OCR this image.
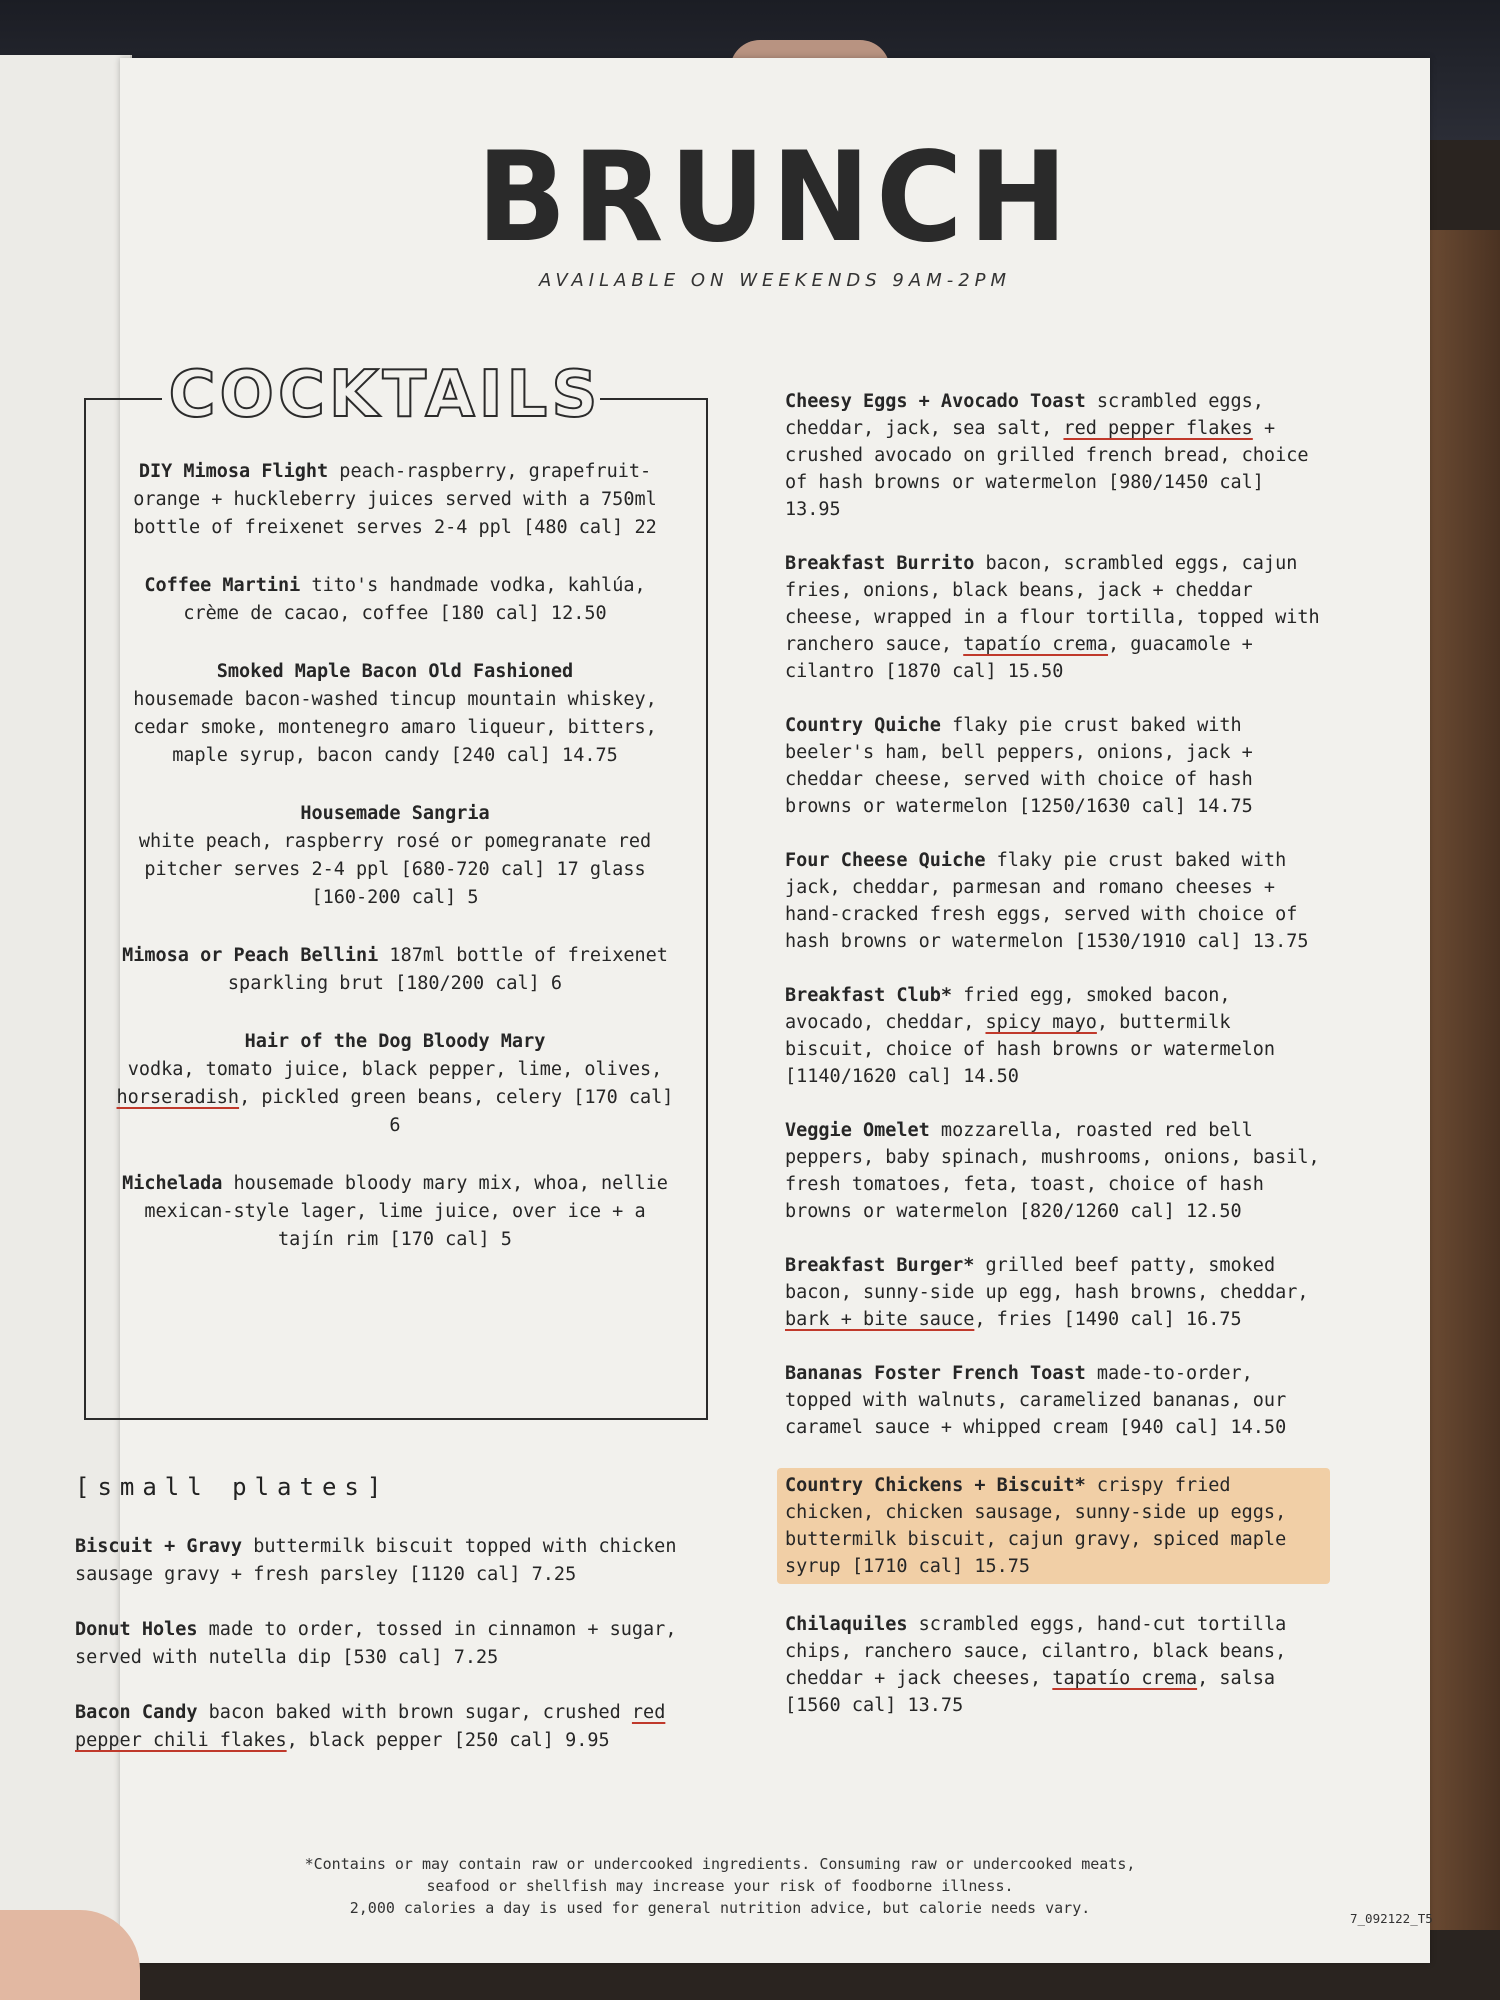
BRUNCH
AVAILABLE ON WEEKENDS 9AM-2PM
COCKTAILS
DIY Mimosa Flight peach-raspberry, grapefruit-orange + huckleberry juices served with a 750ml bottle of freixenet serves 2-4 ppl [480 cal] 22
Coffee Martini tito's handmade vodka, kahlúa, crème de cacao, coffee [180 cal] 12.50
Smoked Maple Bacon Old Fashioned
housemade bacon-washed tincup mountain whiskey, cedar smoke, montenegro amaro liqueur, bitters, maple syrup, bacon candy [240 cal] 14.75
Housemade Sangria
white peach, raspberry rosé or pomegranate red pitcher serves 2-4 ppl [680-720 cal] 17 glass [160-200 cal] 5
Mimosa or Peach Bellini 187ml bottle of freixenet sparkling brut [180/200 cal] 6
Hair of the Dog Bloody Mary
vodka, tomato juice, black pepper, lime, olives, horseradish, pickled green beans, celery [170 cal] 6
Michelada housemade bloody mary mix, whoa, nellie mexican-style lager, lime juice, over ice + a tajín rim [170 cal] 5
[small plates]
Biscuit + Gravy buttermilk biscuit topped with chicken sausage gravy + fresh parsley [1120 cal] 7.25
Donut Holes made to order, tossed in cinnamon + sugar, served with nutella dip [530 cal] 7.25
Bacon Candy bacon baked with brown sugar, crushed red pepper chili flakes, black pepper [250 cal] 9.95
Cheesy Eggs + Avocado Toast scrambled eggs, cheddar, jack, sea salt, red pepper flakes + crushed avocado on grilled french bread, choice of hash browns or watermelon [980/1450 cal] 13.95
Breakfast Burrito bacon, scrambled eggs, cajun fries, onions, black beans, jack + cheddar cheese, wrapped in a flour tortilla, topped with ranchero sauce, tapatío crema, guacamole + cilantro [1870 cal] 15.50
Country Quiche flaky pie crust baked with beeler's ham, bell peppers, onions, jack + cheddar cheese, served with choice of hash browns or watermelon [1250/1630 cal] 14.75
Four Cheese Quiche flaky pie crust baked with jack, cheddar, parmesan and romano cheeses + hand-cracked fresh eggs, served with choice of hash browns or watermelon [1530/1910 cal] 13.75
Breakfast Club* fried egg, smoked bacon, avocado, cheddar, spicy mayo, buttermilk biscuit, choice of hash browns or watermelon [1140/1620 cal] 14.50
Veggie Omelet mozzarella, roasted red bell peppers, baby spinach, mushrooms, onions, basil, fresh tomatoes, feta, toast, choice of hash browns or watermelon [820/1260 cal] 12.50
Breakfast Burger* grilled beef patty, smoked bacon, sunny-side up egg, hash browns, cheddar, bark + bite sauce, fries [1490 cal] 16.75
Bananas Foster French Toast made-to-order, topped with walnuts, caramelized bananas, our caramel sauce + whipped cream [940 cal] 14.50
Country Chickens + Biscuit* crispy fried chicken, chicken sausage, sunny-side up eggs, buttermilk biscuit, cajun gravy, spiced maple syrup [1710 cal] 15.75
Chilaquiles scrambled eggs, hand-cut tortilla chips, ranchero sauce, cilantro, black beans, cheddar + jack cheeses, tapatío crema, salsa [1560 cal] 13.75
*Contains or may contain raw or undercooked ingredients. Consuming raw or undercooked meats, seafood or shellfish may increase your risk of foodborne illness.
2,000 calories a day is used for general nutrition advice, but calorie needs vary.
7_092122_T5
